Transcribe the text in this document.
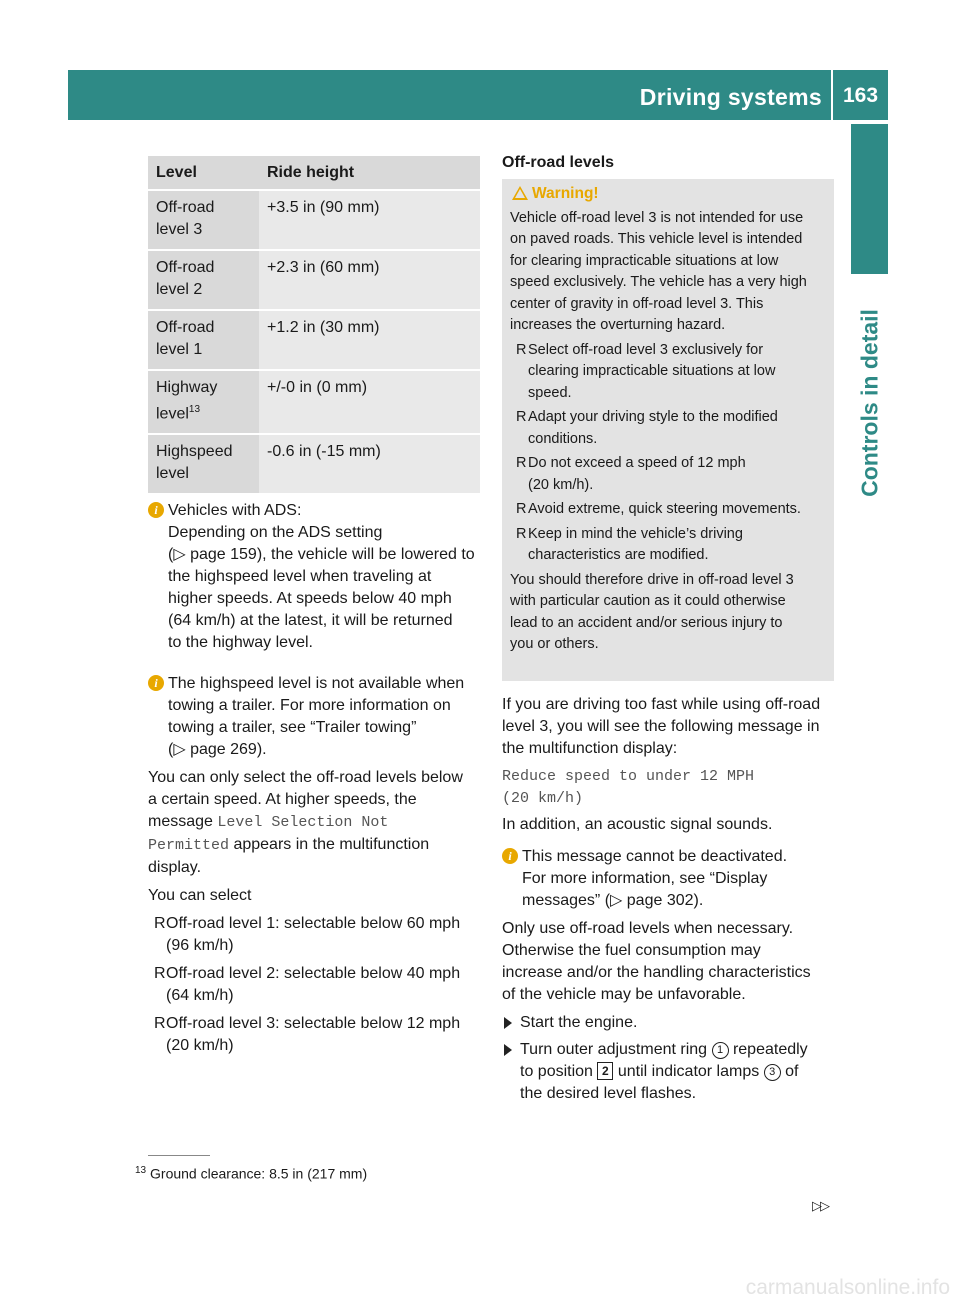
Driving systems 163
Controls in detail
Level	Ride height
Off-road
level 3	+3.5 in (90 mm)
Off-road
level 2	+2.3 in (60 mm)
Off-road
level 1	+1.2 in (30 mm)
Highway
level$^{13}$	+/-0 in (0 mm)
Highspeed
level	-0.6 in (-15 mm)
i Vehicles with ADS:

Depending on the ADS setting

(▷ page 159), the vehicle will be lowered to

the highspeed level when traveling at

higher speeds. At speeds below 40 mph

(64 km/h) at the latest, it will be returned

to the highway level.

i The highspeed level is not available when

towing a trailer. For more information on

towing a trailer, see “Trailer towing”

(▷ page 269).

You can only select the off-road levels below

a certain speed. At higher speeds, the

message Level Selection Not

Permitted appears in the multifunction

display.

You can select

R Off-road level 1: selectable below 60 mph

(96 km/h)

R Off-road level 2: selectable below 40 mph

(64 km/h)

R Off-road level 3: selectable below 12 mph

(20 km/h)

Off-road levels
Warning!

Vehicle off-road level 3 is not intended for use

on paved roads. This vehicle level is intended

for clearing impracticable situations at low

speed exclusively. The vehicle has a very high

center of gravity in off-road level 3. This

increases the overturning hazard.

R Select off-road level 3 exclusively for

clearing impracticable situations at low

speed.

R Adapt your driving style to the modified

conditions.

R Do not exceed a speed of 12 mph

(20 km/h).

R Avoid extreme, quick steering movements.

R Keep in mind the vehicle’s driving

characteristics are modified.

You should therefore drive in off-road level 3

with particular caution as it could otherwise

lead to an accident and/or serious injury to

you or others.

If you are driving too fast while using off-road

level 3, you will see the following message in

the multifunction display:

Reduce speed to under 12 MPH

(20 km/h)

In addition, an acoustic signal sounds.

i This message cannot be deactivated.

For more information, see “Display

messages” (▷ page 302).

Only use off-road levels when necessary.

Otherwise the fuel consumption may

increase and/or the handling characteristics

of the vehicle may be unfavorable.

Start the engine.

Turn outer adjustment ring 1 repeatedly

to position 2 until indicator lamps 3 of

the desired level flashes.

$^{13}$ Ground clearance: 8.5 in (217 mm)
▷▷
carmanualsonline.info
